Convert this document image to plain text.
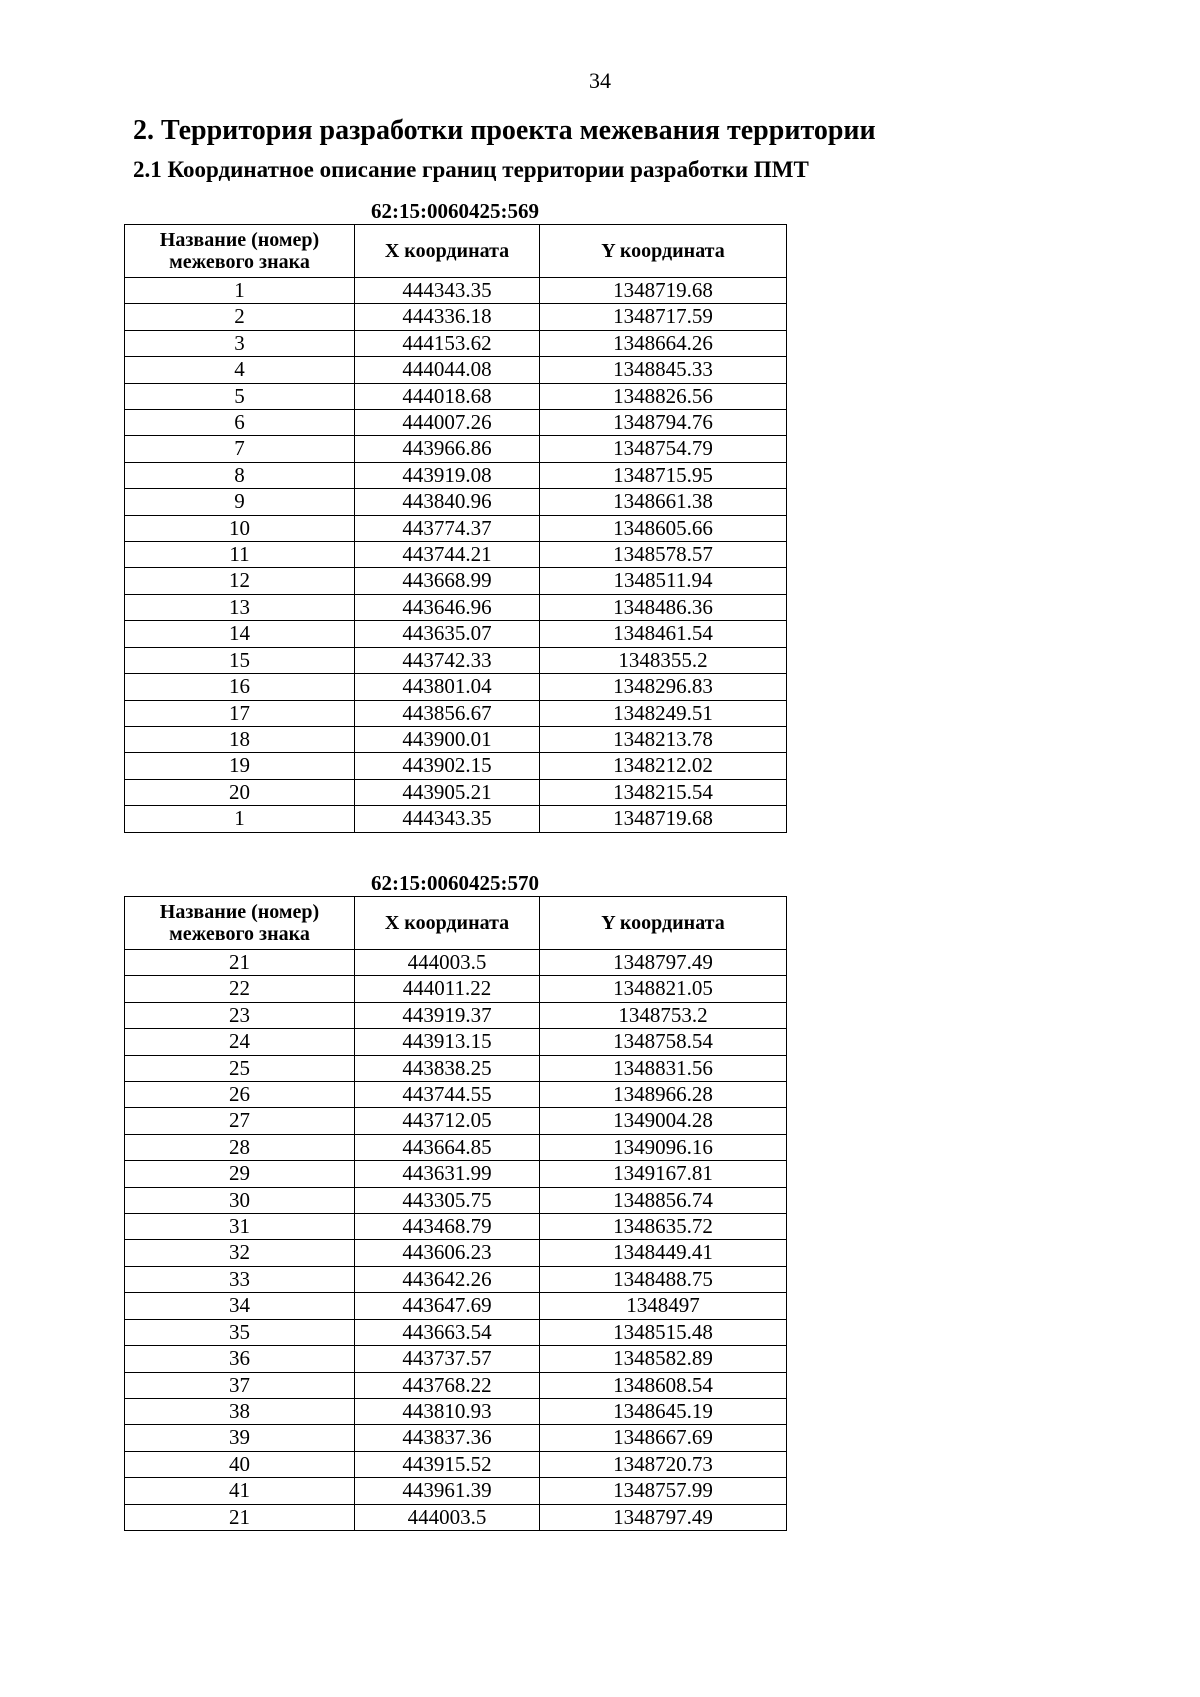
34
2. Территория разработки проекта межевания территории
2.1 Координатное описание границ территории разработки ПМТ
62:15:0060425:569
Название (номер) межевого знака	X координата	Y координата
1	444343.35	1348719.68
2	444336.18	1348717.59
3	444153.62	1348664.26
4	444044.08	1348845.33
5	444018.68	1348826.56
6	444007.26	1348794.76
7	443966.86	1348754.79
8	443919.08	1348715.95
9	443840.96	1348661.38
10	443774.37	1348605.66
11	443744.21	1348578.57
12	443668.99	1348511.94
13	443646.96	1348486.36
14	443635.07	1348461.54
15	443742.33	1348355.2
16	443801.04	1348296.83
17	443856.67	1348249.51
18	443900.01	1348213.78
19	443902.15	1348212.02
20	443905.21	1348215.54
1	444343.35	1348719.68
62:15:0060425:570
Название (номер) межевого знака	X координата	Y координата
21	444003.5	1348797.49
22	444011.22	1348821.05
23	443919.37	1348753.2
24	443913.15	1348758.54
25	443838.25	1348831.56
26	443744.55	1348966.28
27	443712.05	1349004.28
28	443664.85	1349096.16
29	443631.99	1349167.81
30	443305.75	1348856.74
31	443468.79	1348635.72
32	443606.23	1348449.41
33	443642.26	1348488.75
34	443647.69	1348497
35	443663.54	1348515.48
36	443737.57	1348582.89
37	443768.22	1348608.54
38	443810.93	1348645.19
39	443837.36	1348667.69
40	443915.52	1348720.73
41	443961.39	1348757.99
21	444003.5	1348797.49
